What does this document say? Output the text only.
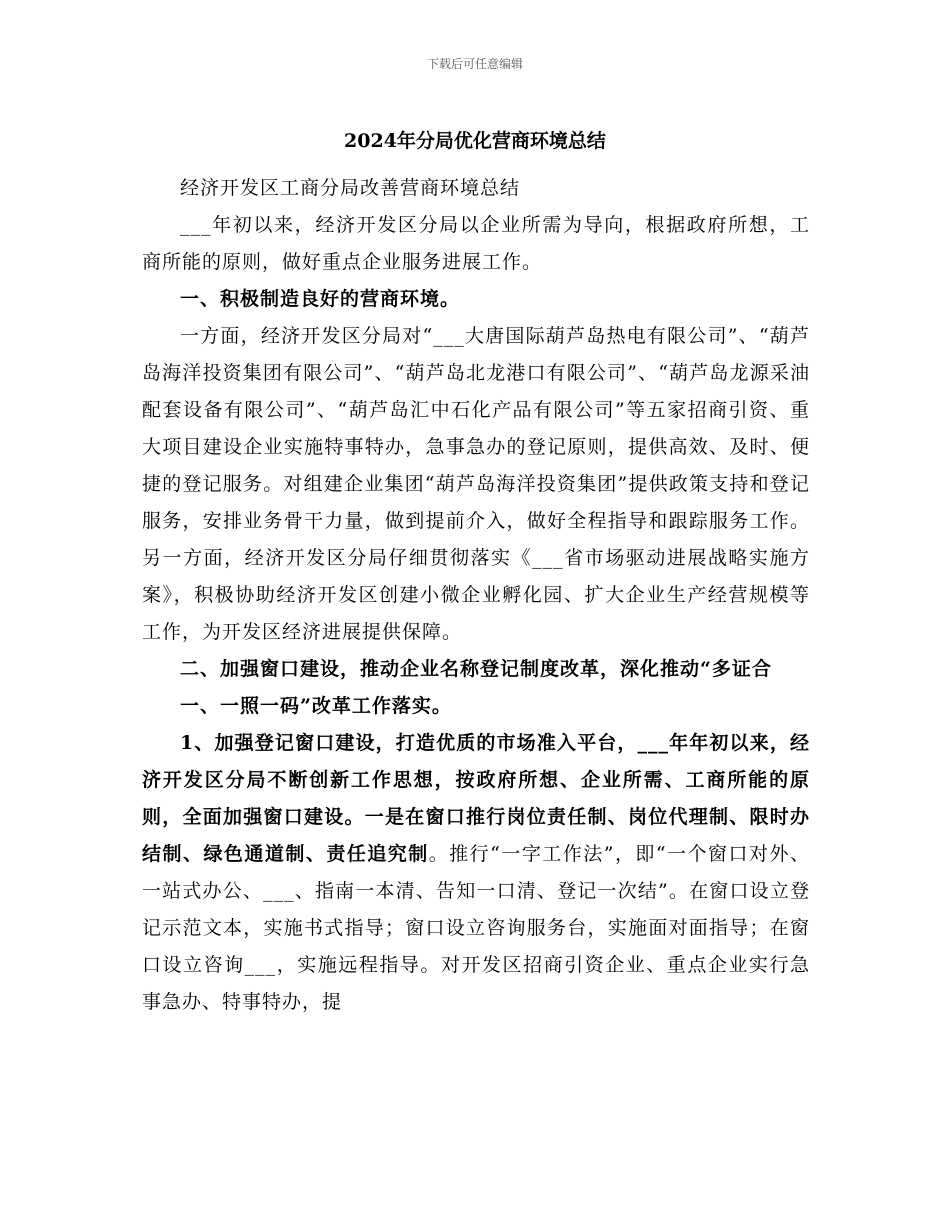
下载后可任意编辑
2024年分局优化营商环境总结

经济开发区工商分局改善营商环境总结

___年初以来，经济开发区分局以企业所需为导向，根据政府所想，工商所能的原则，做好重点企业服务进展工作。

一、积极制造良好的营商环境。

一方面，经济开发区分局对“___大唐国际葫芦岛热电有限公司”、“葫芦岛海洋投资集团有限公司”、“葫芦岛北龙港口有限公司”、“葫芦岛龙源采油配套设备有限公司”、“葫芦岛汇中石化产品有限公司”等五家招商引资、重大项目建设企业实施特事特办，急事急办的登记原则，提供高效、及时、便捷的登记服务。对组建企业集团“葫芦岛海洋投资集团”提供政策支持和登记服务，安排业务骨干力量，做到提前介入，做好全程指导和跟踪服务工作。另一方面，经济开发区分局仔细贯彻落实《___省市场驱动进展战略实施方案》，积极协助经济开发区创建小微企业孵化园、扩大企业生产经营规模等工作，为开发区经济进展提供保障。

二、加强窗口建设，推动企业名称登记制度改革，深化推动“多证合

一、一照一码”改革工作落实。

1、加强登记窗口建设，打造优质的市场准入平台，___年年初以来，经济开发区分局不断创新工作思想，按政府所想、企业所需、工商所能的原则，全面加强窗口建设。一是在窗口推行岗位责任制、岗位代理制、限时办结制、绿色通道制、责任追究制。推行“一字工作法”，即“一个窗口对外、一站式办公、___、指南一本清、告知一口清、登记一次结”。在窗口设立登记示范文本，实施书式指导；窗口设立咨询服务台，实施面对面指导；在窗口设立咨询___，实施远程指导。对开发区招商引资企业、重点企业实行急事急办、特事特办，提
